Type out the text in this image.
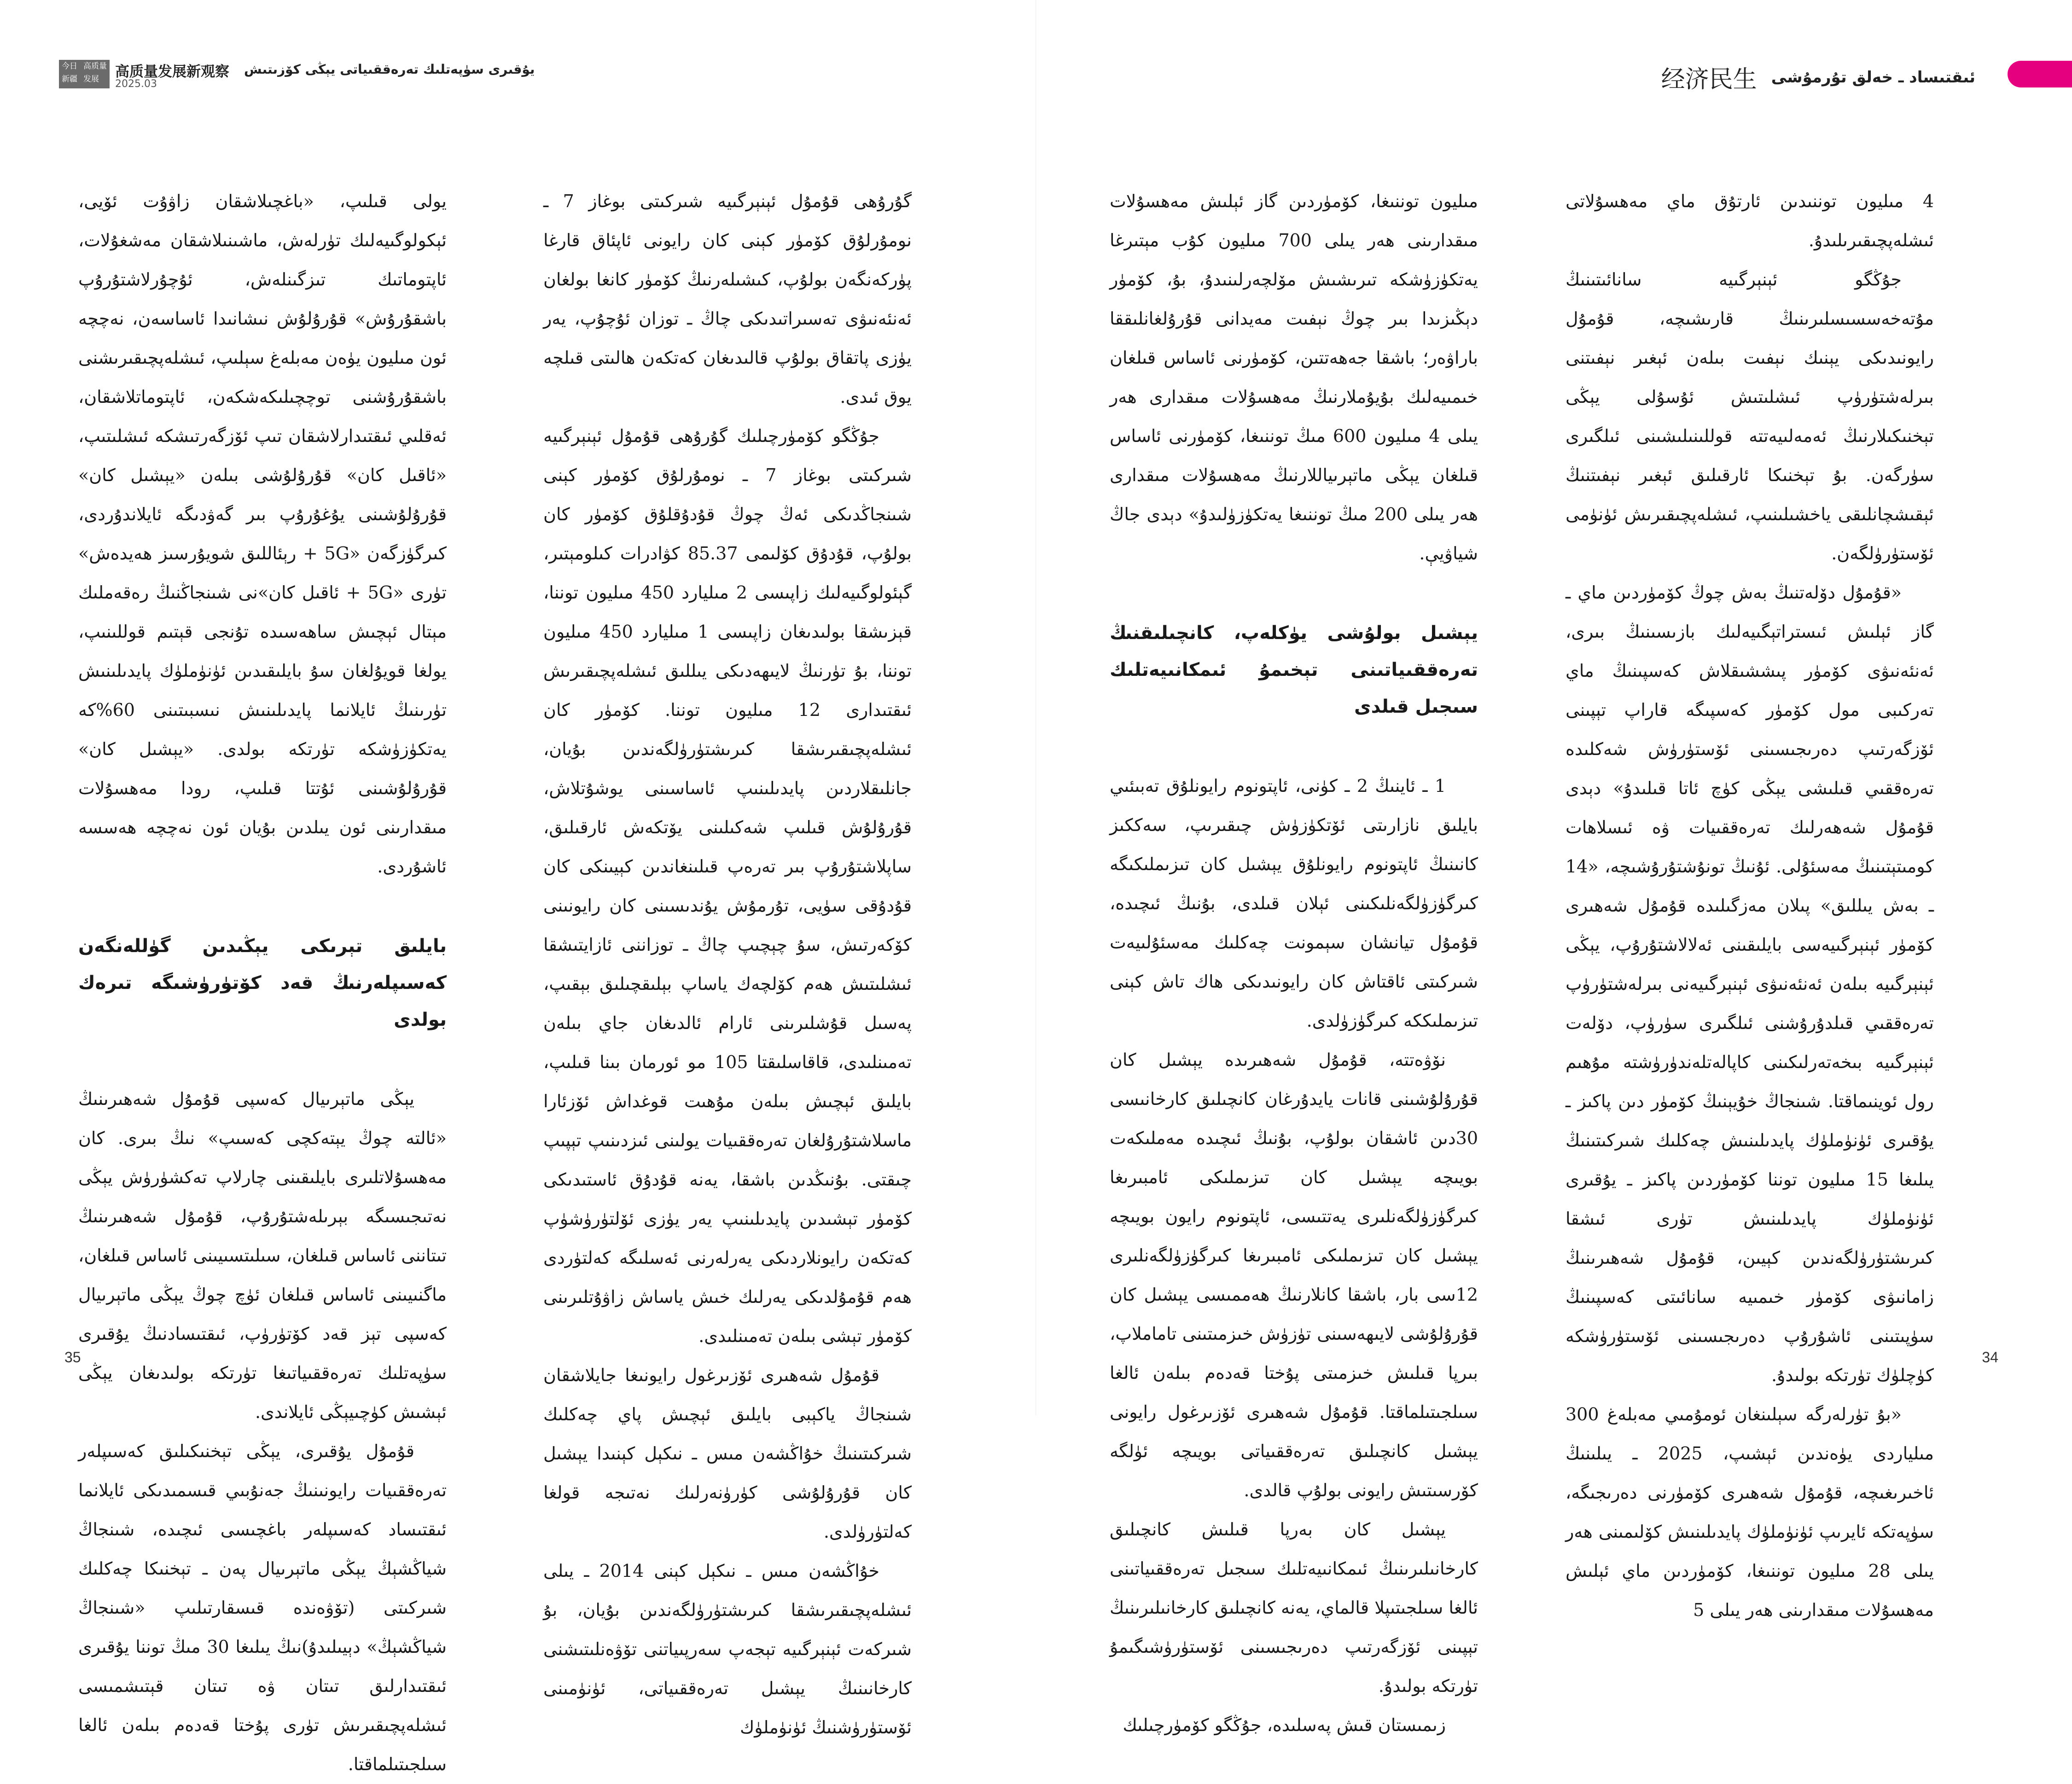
今日 高质量
新疆 发展	高质量发展新观察
2025.03
يۇقىرى سۈپەتلىك تەرەققىياتى يېڭى كۆزىتىش	ئىقتىساد ـ خەلق تۇرمۇشى 经济民生

4 مىليون توننىدىن ئارتۇق ماي مەھسۇلاتى ئىشلەپچىقىرىلىدۇ.

جۇڭگو ئېنېرگىيە سانائىتىنىڭ مۇتەخەسسىسلىرىنىڭ قارىشىچە، قۇمۇل رايونىدىكى يېنىك نېفىت بىلەن ئېغىر نېفىتنى بىرلەشتۈرۈپ ئىشلىتىش ئۇسۇلى يېڭى تېخنىكىلارنىڭ ئەمەلىيەتتە قوللىنىلىشىنى ئىلگىرى سۈرگەن. بۇ تېخنىكا ئارقىلىق ئېغىر نېفىتنىڭ ئېقىشچانلىقى ياخشىلىنىپ، ئىشلەپچىقىرىش ئۈنۈمى ئۆستۈرۈلگەن.

«قۇمۇل دۆلەتنىڭ بەش چوڭ كۆمۈردىن ماي ـ گاز ئېلىش ئىستراتېگىيەلىك بازىسىنىڭ بىرى، ئەنئەنىۋى كۆمۈر پىششىقلاش كەسپىنىڭ ماي تەركىبى مول كۆمۈر كەسپىگە قاراپ تېپىنى ئۆزگەرتىپ دەرىجىسىنى ئۆستۈرۈش شەكلىدە تەرەققىي قىلىشى يېڭى كۈچ ئاتا قىلىدۇ» دېدى قۇمۇل شەھەرلىك تەرەققىيات ۋە ئىسلاھات كومىتېتىنىڭ مەسئۇلى. ئۇنىڭ تونۇشتۇرۇشىچە، «14 ـ بەش يىللىق» پىلان مەزگىلىدە قۇمۇل شەھىرى كۆمۈر ئېنېرگىيەسى بايلىقىنى ئەلالاشتۇرۇپ، يېڭى ئېنېرگىيە بىلەن ئەنئەنىۋى ئېنېرگىيەنى بىرلەشتۈرۈپ تەرەققىي قىلدۇرۇشنى ئىلگىرى سۈرۈپ، دۆلەت ئېنېرگىيە بىخەتەرلىكىنى كاپالەتلەندۈرۈشتە مۇھىم رول ئوينىماقتا. شىنجاڭ خۇيېنىڭ كۆمۈر دىن پاكىز ـ يۇقىرى ئۈنۈملۈك پايدىلىنىش چەكلىك شىركىتىنىڭ يىلىغا 15 مىليون توننا كۆمۈردىن پاكىز ـ يۇقىرى ئۈنۈملۈك پايدىلىنىش تۈرى ئىشقا كىرىشتۈرۈلگەندىن كېيىن، قۇمۇل شەھىرىنىڭ زامانىۋى كۆمۈر خىمىيە سانائىتى كەسپىنىڭ سۈپىتىنى ئاشۇرۇپ دەرىجىسىنى ئۆستۈرۈشكە كۈچلۈك تۈرتكە بولىدۇ.

«بۇ تۈرلەرگە سېلىنغان ئومۇمىي مەبلەغ 300 مىلياردى يۈەندىن ئېشىپ، 2025 ـ يىلىنىڭ ئاخىرىغىچە، قۇمۇل شەھىرى كۆمۈرنى دەرىجىگە، سۈپەتكە ئايرىپ ئۈنۈملۈك پايدىلىنىش كۆلىمىنى ھەر يىلى 28 مىليون توننىغا، كۆمۈردىن ماي ئېلىش مەھسۇلات مىقدارىنى ھەر يىلى 5

مىليون توننىغا، كۆمۈردىن گاز ئېلىش مەھسۇلات مىقدارىنى ھەر يىلى 700 مىليون كۇب مېتىرغا يەتكۈزۈشكە تىرىشىش مۆلچەرلىنىدۇ، بۇ، كۆمۈر دېڭىزىدا بىر چوڭ نېفىت مەيدانى قۇرۇلغانلىققا باراۋەر؛ باشقا جەھەتتىن، كۆمۈرنى ئاساس قىلغان خىمىيەلىك بۇيۇملارنىڭ مەھسۇلات مىقدارى ھەر يىلى 4 مىليون 600 مىڭ توننىغا، كۆمۈرنى ئاساس قىلغان يېڭى ماتېرىياللارنىڭ مەھسۇلات مىقدارى ھەر يىلى 200 مىڭ توننىغا يەتكۈزۈلىدۇ» دېدى جاڭ شياۋيې.

يېشىل بولۇشى يۈكلەپ، كانچىلىقنىڭ تەرەققىياتىنى تېخىمۇ ئىمكانىيەتلىك سىجىل قىلدى

1 ـ ئاينىڭ 2 ـ كۈنى، ئاپتونوم رايونلۇق تەبىئىي بايلىق نازارىتى ئۆتكۈزۈش چىقىرىپ، سەككىز كانىنىڭ ئاپتونوم رايونلۇق يېشىل كان تىزىملىكىگە كىرگۈزۈلگەنلىكىنى ئېلان قىلدى، بۇنىڭ ئىچىدە، قۇمۇل تيانشان سېمونت چەكلىك مەسئۇلىيەت شىركىتى ئاقتاش كان رايونىدىكى ھاك تاش كېنى تىزىملىككە كىرگۈزۈلدى.

نۆۋەتتە، قۇمۇل شەھىرىدە يېشىل كان قۇرۇلۇشىنى قانات يايدۇرغان كانچىلىق كارخانىسى 30دىن ئاشقان بولۇپ، بۇنىڭ ئىچىدە مەملىكەت بويىچە يېشىل كان تىزىملىكى ئامبىرىغا كىرگۈزۈلگەنلىرى يەتتىسى، ئاپتونوم رايون بويىچە يېشىل كان تىزىملىكى ئامبىرىغا كىرگۈزۈلگەنلىرى 12سى بار، باشقا كانلارنىڭ ھەممىسى يېشىل كان قۇرۇلۇشى لايىھەسىنى تۈزۈش خىزمىتىنى تاماملاپ، بىرپا قىلىش خىزمىتى پۇختا قەدەم بىلەن ئالغا سىلجىتىلماقتا. قۇمۇل شەھىرى ئۆزىرغول رايونى يېشىل كانچىلىق تەرەققىياتى بويىچە ئۈلگە كۆرسىتىش رايونى بولۇپ قالدى.

يېشىل كان بەرپا قىلىش كانچىلىق كارخانىلىرىنىڭ ئىمكانىيەتلىك سىجىل تەرەققىياتىنى ئالغا سىلجىتىپلا قالماي، يەنە كانچىلىق كارخانىلىرىنىڭ تېپىنى ئۆزگەرتىپ دەرىجىسىنى ئۆستۈرۈشىگىمۇ تۈرتكە بولىدۇ.

زىمىستان قىش پەسلىدە، جۇڭگو كۆمۈرچىلىك

گۇرۇھى قۇمۇل ئېنېرگىيە شىركىتى بوغاز 7 ـ نومۇرلۇق كۆمۈر كېنى كان رايونى ئاپئاق قارغا پۈركەنگەن بولۇپ، كىشىلەرنىڭ كۆمۈر كانغا بولغان ئەنئەنىۋى تەسىراتىدىكى چاڭ ـ توزان ئۇچۇپ، يەر يۈزى پاتقاق بولۇپ قالىدىغان كەتكەن ھالىتى قىلچە يوق ئىدى.

جۇڭگو كۆمۈرچىلىك گۇرۇھى قۇمۇل ئېنېرگىيە شىركىتى بوغاز 7 ـ نومۇرلۇق كۆمۈر كېنى شىنجاڭدىكى ئەڭ چوڭ قۇدۇقلۇق كۆمۈر كان بولۇپ، قۇدۇق كۆلىمى 85.37 كۋادرات كىلومېتىر، گېئولوگىيەلىك زاپىسى 2 مىليارد 450 مىليون توننا، قېزىشقا بولىدىغان زاپىسى 1 مىليارد 450 مىليون توننا، بۇ تۈرنىڭ لايىھەدىكى يىللىق ئىشلەپچىقىرىش ئىقتىدارى 12 مىليون توننا. كۆمۈر كان ئىشلەپچىقىرىشقا كىرىشتۈرۈلگەندىن بۇيان، جانلىقلاردىن پايدىلىنىپ ئاساسىنى يوشۇتلاش، قۇرۇلۇش قىلىپ شەكىلىنى يۆتكەش ئارقىلىق، ساپلاشتۇرۇپ بىر تەرەپ قىلىنغاندىن كېيىنكى كان قۇدۇقى سۈيى، تۇرمۇش يۇندىسىنى كان رايونىنى كۆكەرتىش، سۇ چېچىپ چاڭ ـ توزاننى ئازايتىشقا ئىشلىتىش ھەم كۆلچەك ياساپ بېلىقچىلىق بېقىپ، پەسىل قۇشلىرىنى ئارام ئالدىغان جاي بىلەن تەمىنلىدى، قاقاسلىقتا 105 مو ئورمان بىنا قىلىپ، بايلىق ئېچىش بىلەن مۇھىت قوغداش ئۆزئارا ماسلاشتۇرۇلغان تەرەققىيات يولىنى ئىزدىنىپ تېپىپ چىقتى. بۇنىڭدىن باشقا، يەنە قۇدۇق ئاستىدىكى كۆمۈر تېشىدىن پايدىلىنىپ يەر يۈزى ئۆلتۈرۈشۈپ كەتكەن رايونلاردىكى يەرلەرنى ئەسلىگە كەلتۈردى ھەم قۇمۇلدىكى يەرلىك خىش ياساش زاۋۇتلىرىنى كۆمۈر تېشى بىلەن تەمىنلىدى.

قۇمۇل شەھىرى ئۆزىرغول رايونىغا جايلاشقان شىنجاڭ ياكېبى بايلىق ئېچىش پاي چەكلىك شىركىتىنىڭ خۇاڭشەن مىس ـ نىكېل كېنىدا يېشىل كان قۇرۇلۇشى كۈرۈنەرلىك نەتىجە قولغا كەلتۈرۈلدى.

خۇاڭشەن مىس ـ نىكېل كېنى 2014 ـ يىلى ئىشلەپچىقىرىشقا كىرىشتۈرۈلگەندىن بۇيان، بۇ شىركەت ئېنېرگىيە تېجەپ سەرپىياتنى تۆۋەنلىتىشنى كارخانىنىڭ يېشىل تەرەققىياتى، ئۈنۈمىنى ئۆستۈرۈشنىڭ ئۈنۈملۈك

يولى قىلىپ، «باغچىلاشقان زاۋۇت ئۆيى، ئېكولوگىيەلىك تۈرلەش، ماشىنىلاشقان مەشغۇلات، ئاپتوماتىك تىزگىنلەش، ئۇچۇرلاشتۇرۇپ باشقۇرۇش» قۇرۇلۇش نىشانىدا ئاساسەن، نەچچە ئون مىليون يۈەن مەبلەغ سېلىپ، ئىشلەپچىقىرىشنى باشقۇرۇشنى توچچىلىكەشكەن، ئاپتوماتلاشقان، ئەقلىي ئىقتىدارلاشقان تىپ ئۆزگەرتىشكە ئىشلىتىپ، «ئاقىل كان» قۇرۇلۇشى بىلەن «يېشىل كان» قۇرۇلۇشىنى يۇغۇرۇپ بىر گەۋدىگە ئايلاندۇردى، كىرگۈزگەن «5G + رېئاللىق شويۇرسىز ھەيدەش» تۈرى «5G + ئاقىل كان»نى شىنجاڭنىڭ رەقەملىك مېتال ئېچىش ساھەسىدە تۇنجى قېتىم قوللىنىپ، يولغا قويۇلغان سۇ بايلىقىدىن ئۈنۈملۈك پايدىلىنىش تۈرىنىڭ ئايلانما پايدىلىنىش نىسبىتىنى 60%كە يەتكۈزۈشكە تۈرتكە بولدى. «يېشىل كان» قۇرۇلۇشىنى ئۇتتا قىلىپ، رودا مەھسۇلات مىقدارىنى ئون يىلدىن بۇيان ئون نەچچە ھەسسە ئاشۇردى.

بايلىق تېرىكى يېڭىدىن گۈللەنگەن كەسىپلەرنىڭ قەد كۆتۈرۈشىگە تىرەك بولدى

يېڭى ماتېرىيال كەسپى قۇمۇل شەھىرىنىڭ «ئالتە چوڭ يېتەكچى كەسىپ» نىڭ بىرى. كان مەھسۇلاتلىرى بايلىقىنى چارلاپ تەكشۈرۈش يېڭى نەتىجىسىگە بېرىلەشتۇرۇپ، قۇمۇل شەھىرىنىڭ تىتاننى ئاساس قىلغان، سىلىتسىيىنى ئاساس قىلغان، ماگنىيىنى ئاساس قىلغان ئۈچ چوڭ يېڭى ماتېرىيال كەسپى تېز قەد كۆتۈرۈپ، ئىقتىسادنىڭ يۇقىرى سۈپەتلىك تەرەققىياتىغا تۈرتكە بولىدىغان يېڭى ئېشىش كۈچىيېڭى ئايلاندى.

قۇمۇل يۇقىرى، يېڭى تېخنىكىلىق كەسىپلەر تەرەققىيات رايونىنىڭ جەنۇبىي قىسمىدىكى ئايلانما ئىقتىساد كەسىپلەر باغچىسى ئىچىدە، شىنجاڭ شياڭشېڭ يېڭى ماتېرىيال پەن ـ تېخنىكا چەكلىك شىركىتى (تۆۋەندە قىسقارتىلىپ «شىنجاڭ شياڭشېڭ» دېيىلىدۇ)نىڭ يىلىغا 30 مىڭ توننا يۇقىرى ئىقتىدارلىق تىتان ۋە تىتان قېتىشمىسى ئىشلەپچىقىرىش تۈرى پۇختا قەدەم بىلەن ئالغا سىلجىتىلماقتا.

35	34
